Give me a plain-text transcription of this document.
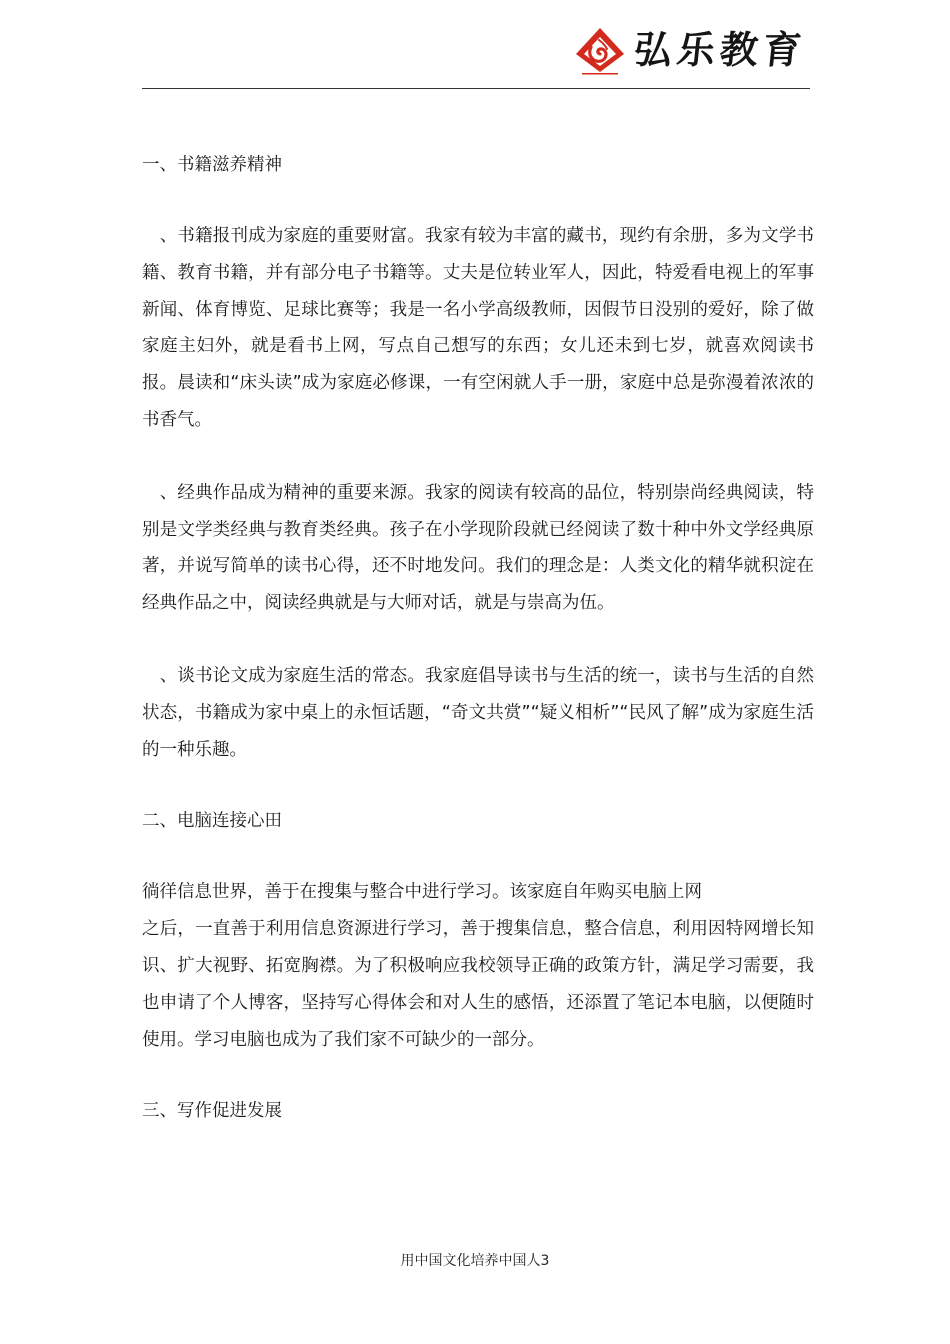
弘乐教育

一、书籍滋养精神

　、书籍报刊成为家庭的重要财富。我家有较为丰富的藏书，现约有余册，多为文学书籍、教育书籍，并有部分电子书籍等。丈夫是位转业军人，因此，特爱看电视上的军事新闻、体育博览、足球比赛等；我是一名小学高级教师，因假节日没别的爱好，除了做家庭主妇外，就是看书上网，写点自己想写的东西；女儿还未到七岁，就喜欢阅读书报。晨读和“床头读”成为家庭必修课，一有空闲就人手一册，家庭中总是弥漫着浓浓的书香气。

　、经典作品成为精神的重要来源。我家的阅读有较高的品位，特别崇尚经典阅读，特别是文学类经典与教育类经典。孩子在小学现阶段就已经阅读了数十种中外文学经典原著，并说写简单的读书心得，还不时地发问。我们的理念是：人类文化的精华就积淀在经典作品之中，阅读经典就是与大师对话，就是与崇高为伍。

　、谈书论文成为家庭生活的常态。我家庭倡导读书与生活的统一，读书与生活的自然状态，书籍成为家中桌上的永恒话题，“奇文共赏”“疑义相析”“民风了解”成为家庭生活的一种乐趣。

二、电脑连接心田

徜徉信息世界，善于在搜集与整合中进行学习。该家庭自年购买电脑上网
之后，一直善于利用信息资源进行学习，善于搜集信息，整合信息，利用因特网增长知识、扩大视野、拓宽胸襟。为了积极响应我校领导正确的政策方针，满足学习需要，我也申请了个人博客，坚持写心得体会和对人生的感悟，还添置了笔记本电脑，以便随时使用。学习电脑也成为了我们家不可缺少的一部分。

三、写作促进发展

用中国文化培养中国人3
